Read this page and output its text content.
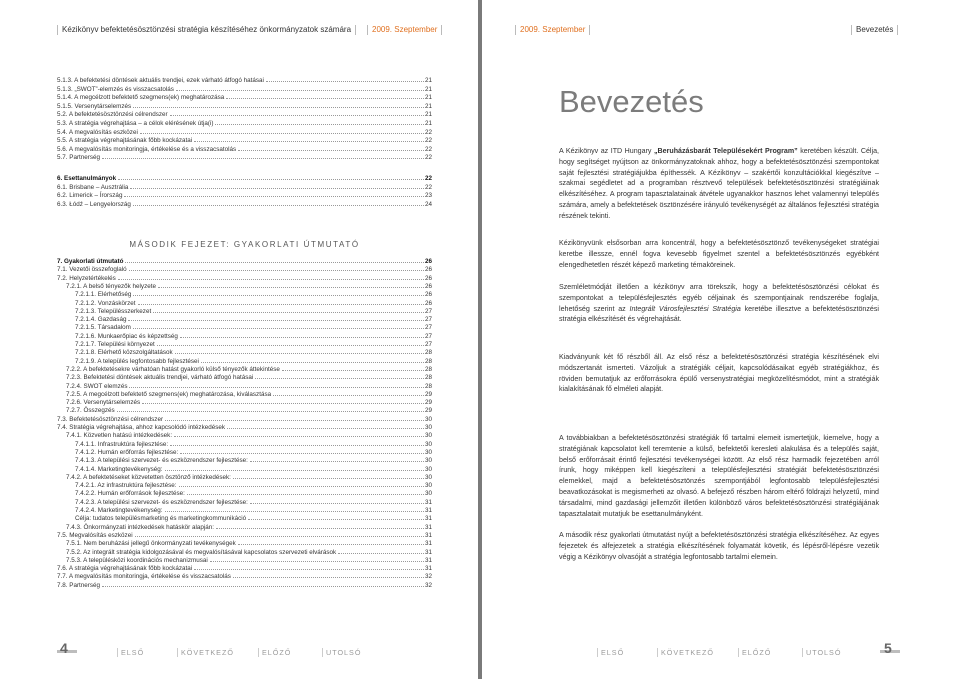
Kézikönyv befektetésösztönzési stratégia készítéséhez önkormányzatok számára	2009. Szeptember
5.1.3. A befektetési döntések aktuális trendjei, ezek várható átfogó hatásai	21
5.1.3. „SWOT”-elemzés és visszacsatolás	21
5.1.4. A megcélzott befektető szegmens(ek) meghatározása	21
5.1.5. Versenytárselemzés	21
5.2. A befektetésösztönzési célrendszer	21
5.3. A stratégia végrehajtása – a célok elérésének útja(i)	21
5.4. A megvalósítás eszközei	22
5.5. A stratégia végrehajtásának főbb kockázatai	22
5.6. A megvalósítás monitoringja, értékelése és a visszacsatolás	22
5.7. Partnerség	22
6. Esettanulmányok	22
6.1. Brisbane – Ausztrália	22
6.2. Limerick – Írország	23
6.3. Łódź – Lengyelország	24
MÁSODIK FEJEZET: GYAKORLATI ÚTMUTATÓ
7. Gyakorlati útmutató	26
7.1. Vezetői összefoglaló	26
7.2. Helyzetértékelés	26
7.2.1. A belső tényezők helyzete	26
7.2.1.1. Elérhetőség	26
7.2.1.2. Vonzáskörzet	26
7.2.1.3. Településszerkezet	27
7.2.1.4. Gazdaság	27
7.2.1.5. Társadalom	27
7.2.1.6. Munkaerőpiac és képzettség	27
7.2.1.7. Települési környezet	27
7.2.1.8. Elérhető közszolgáltatások	28
7.2.1.9. A település legfontosabb fejlesztései	28
7.2.2. A befektetésekre várhatóan hatást gyakorló külső tényezők áttekintése	28
7.2.3. Befektetési döntések aktuális trendjei, várható átfogó hatásai	28
7.2.4. SWOT elemzés	28
7.2.5. A megcélzott befektető szegmens(ek) meghatározása, kiválasztása	29
7.2.6. Versenytárselemzés	29
7.2.7. Összegzés	29
7.3. Befektetésösztönzési célrendszer	30
7.4. Stratégia végrehajtása, ahhoz kapcsolódó intézkedések	30
7.4.1. Közvetlen hatású intézkedések:	30
7.4.1.1. Infrastruktúra fejlesztése:	30
7.4.1.2. Humán erőforrás fejlesztése:	30
7.4.1.3. A települési szervezet- és eszközrendszer fejlesztése:	30
7.4.1.4. Marketingtevékenység:	30
7.4.2. A befektetéseket közvetetten ösztönző intézkedések:	30
7.4.2.1. Az infrastruktúra fejlesztése:	30
7.4.2.2. Humán erőforrások fejlesztése:	30
7.4.2.3. A települési szervezet- és eszközrendszer fejlesztése:	31
7.4.2.4. Marketingtevékenység:	31
Célja: tudatos településmarketing és marketingkommunikáció	31
7.4.3. Önkormányzati intézkedések hatáskör alapján:	31
7.5. Megvalósítás eszközei	31
7.5.1. Nem beruházási jellegű önkormányzati tevékenységek	31
7.5.2. Az integrált stratégia kidolgozásával és megvalósításával kapcsolatos szervezeti elvárások	31
7.5.3. A településközi koordinációs mechanizmusai	31
7.6. A stratégia végrehajtásának főbb kockázatai	31
7.7. A megvalósítás monitoringja, értékelése és visszacsatolás	32
7.8. Partnerség	32
4	ELSŐ	KÖVETKEZŐ	ELŐZŐ	UTOLSÓ
2009. Szeptember	Bevezetés
Bevezetés
A Kézikönyv az ITD Hungary „Beruházásbarát Településekért Program” keretében készült. Célja, hogy segítséget nyújtson az önkormányzatoknak ahhoz, hogy a befektetésösztönzési szempontokat saját fejlesztési stratégiájukba építhessék. A Kézikönyv – szakértői konzultációkkal kiegészítve – szakmai segédletet ad a programban résztvevő települések befektetésösztönzési stratégiáinak elkészítéséhez. A program tapasztalatainak átvétele ugyanakkor hasznos lehet valamennyi település számára, amely a befektetések ösztönzésére irányuló tevékenységét az általános fejlesztési stratégia részének tekinti.
Kézikönyvünk elsősorban arra koncentrál, hogy a befektetésösztönző tevékenységeket stratégiai keretbe illessze, ennél fogva kevesebb figyelmet szentel a befektetésösztönzés egyébként elengedhetetlen részét képező marketing témaköreinek.
Szemléletmódját illetően a kézikönyv arra törekszik, hogy a befektetésösztönzési célokat és szempontokat a településfejlesztés egyéb céljainak és szempontjainak rendszerébe foglalja, lehetőség szerint az Integrált Városfejlesztési Stratégia keretébe illesztve a befektetésösztönzési stratégia elkészítését és végrehajtását.
Kiadványunk két fő részből áll. Az első rész a befektetésösztönzési stratégia készítésének elvi módszertanát ismerteti. Vázoljuk a stratégiák céljait, kapcsolódásaikat egyéb stratégiákhoz, és röviden bemutatjuk az erőforrásokra épülő versenystratégiai megközelítésmódot, mint a stratégiák kialakításának fő elméleti alapját.
A továbbiakban a befektetésösztönzési stratégiák fő tartalmi elemeit ismertetjük, kiemelve, hogy a stratégiának kapcsolatot kell teremtenie a külső, befektetői keresleti alakulása és a település saját, belső erőforrásait érintő fejlesztési tevékenységei között. Az első rész harmadik fejezetében arról írunk, hogy miképpen kell kiegészíteni a településfejlesztési stratégiát befektetésösztönzési elemekkel, majd a befektetésösztönzés szempontjából legfontosabb településfejlesztési beavatkozásokat is megismerheti az olvasó. A befejező részben három eltérő földrajzi helyzetű, mind társadalmi, mind gazdasági jellemzőit illetően különböző város befektetésösztönzési stratégiájának tapasztalatait mutatjuk be esettanulmányként.
A második rész gyakorlati útmutatást nyújt a befektetésösztönzési stratégia elkészítéséhez. Az egyes fejezetek és alfejezetek a stratégia elkészítésének folyamatát követik, és lépésről-lépésre vezetik végig a Kézikönyv olvasóját a stratégia legfontosabb tartalmi elemein.
ELSŐ	KÖVETKEZŐ	ELŐZŐ	UTOLSÓ	5
